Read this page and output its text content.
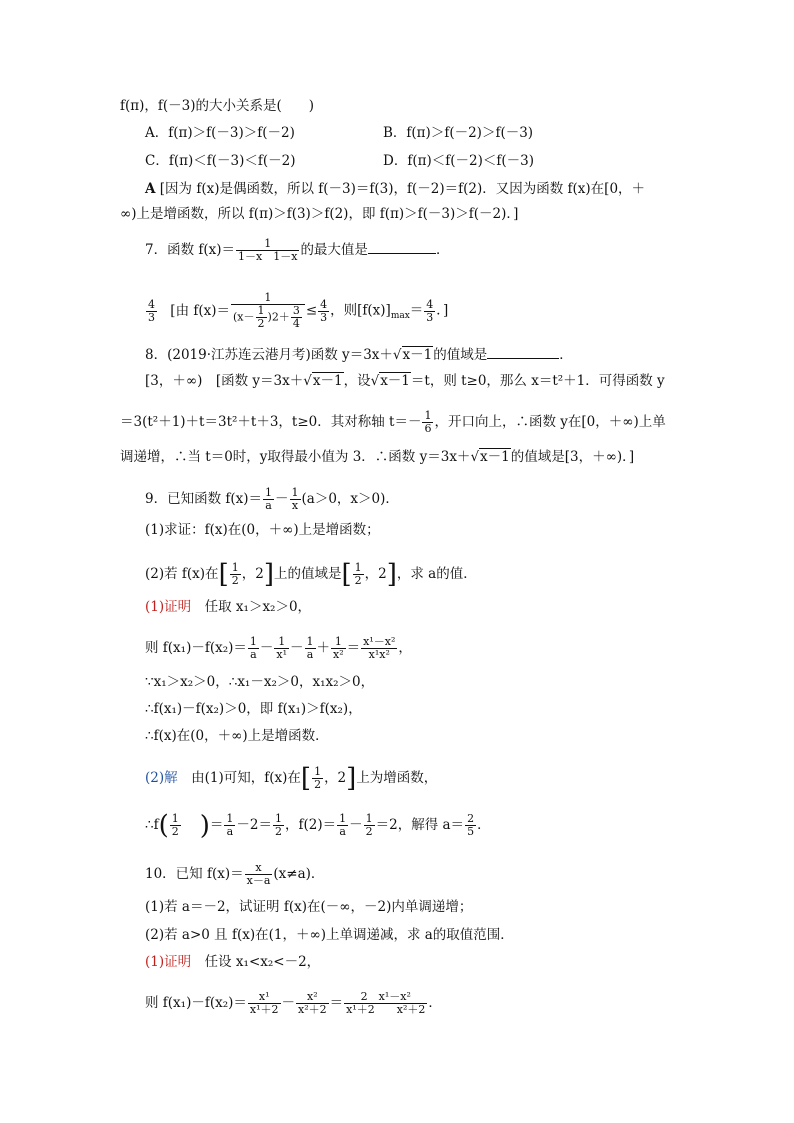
f(π)，f(－3)的大小关系是(　　)
A．f(π)＞f(－3)＞f(－2)	B．f(π)＞f(－2)＞f(－3)
C．f(π)＜f(－3)＜f(－2)	D．f(π)＜f(－2)＜f(－3)
A [因为 f(x)是偶函数，所以 f(－3)＝f(3)，f(－2)＝f(2)．又因为函数 f(x)在[0，＋
∞)上是增函数，所以 f(π)＞f(3)＞f(2)，即 f(π)＞f(－3)＞f(－2)．]
7．函数 $f(x)= \frac{1}{1-x 1-x}$ 的最大值是	．
$\frac{4}{3}$ [由 $f(x)= \frac{1}{(x- \frac{1}{2} )2+ \frac{3}{4}} \le \frac{4}{3}$ ，则$[f(x)]_{max}= \frac{4}{3}$ ．]
8．(2019·江苏连云港月考)函数 y＝3x＋√x－1的值域是	．
[3，＋∞)　[函数 y＝3x＋√x－1，设√x－1＝t，则 t≥0，那么 x＝t²＋1．可得函数 y
＝3(t²＋1)＋t＝3t²＋t＋3，t≥0．其对称轴 $t=- \frac{1}{6}$ ，开口向上，∴函数 y在[0，＋∞)上单
调递增，∴当 t＝0时，y取得最小值为 3．∴函数 y＝3x＋√x－1的值域是[3，＋∞)．]
9．已知函数 $f(x)= \frac{1}{a} - \frac{1}{x} (a>0$，x＞0)．
(1)求证：f(x)在(0，＋∞)上是增函数；
(2)若 f(x)在[ $\frac{1}{2}$ ，2]上的值域是[ $\frac{1}{2}$ ，2]，求 a的值．
(1)证明　 任取 x₁＞x₂＞0，
则 $f(x_1)-f(x_2)= \frac{1}{a} - \frac{1}{\text{x¹}} - \frac{1}{a} + \frac{1}{\text{x²}} = \frac{\text{x¹－x²}}{\text{x¹x²}}$ ，
∵x₁＞x₂＞0，∴x₁－x₂＞0，x₁x₂＞0，
∴f(x₁)－f(x₂)＞0，即 f(x₁)＞f(x₂)，
∴f(x)在(0，＋∞)上是增函数．
(2)解　 由(1)可知，f(x)在[ $\frac{1}{2}$ ，2]上为增函数，
∴f( $\frac{1}{2}$ )＝ $\frac{1}{a} -2= \frac{1}{2}$ ，$f(2)= \frac{1}{a} - \frac{1}{2} =2$，解得 $a= \frac{2}{5}$ ．
10．已知 $f(x)= \frac{x}{x-a} (x\ne a)$．
(1)若 a＝－2，试证明 f(x)在(－∞，－2)内单调递增；
(2)若 a>0 且 f(x)在(1，＋∞)上单调递减，求 a的取值范围．
(1)证明　 任设 x₁<x₂<－2，
则 $f(x_1)-f(x_2)= \frac{\text{x¹}}{\text{x¹＋2}} - \frac{\text{x²}}{\text{x²＋2}} = \frac{\text{2　x¹－x²}}{\text{x¹＋2　　x²＋2}}$ ．
